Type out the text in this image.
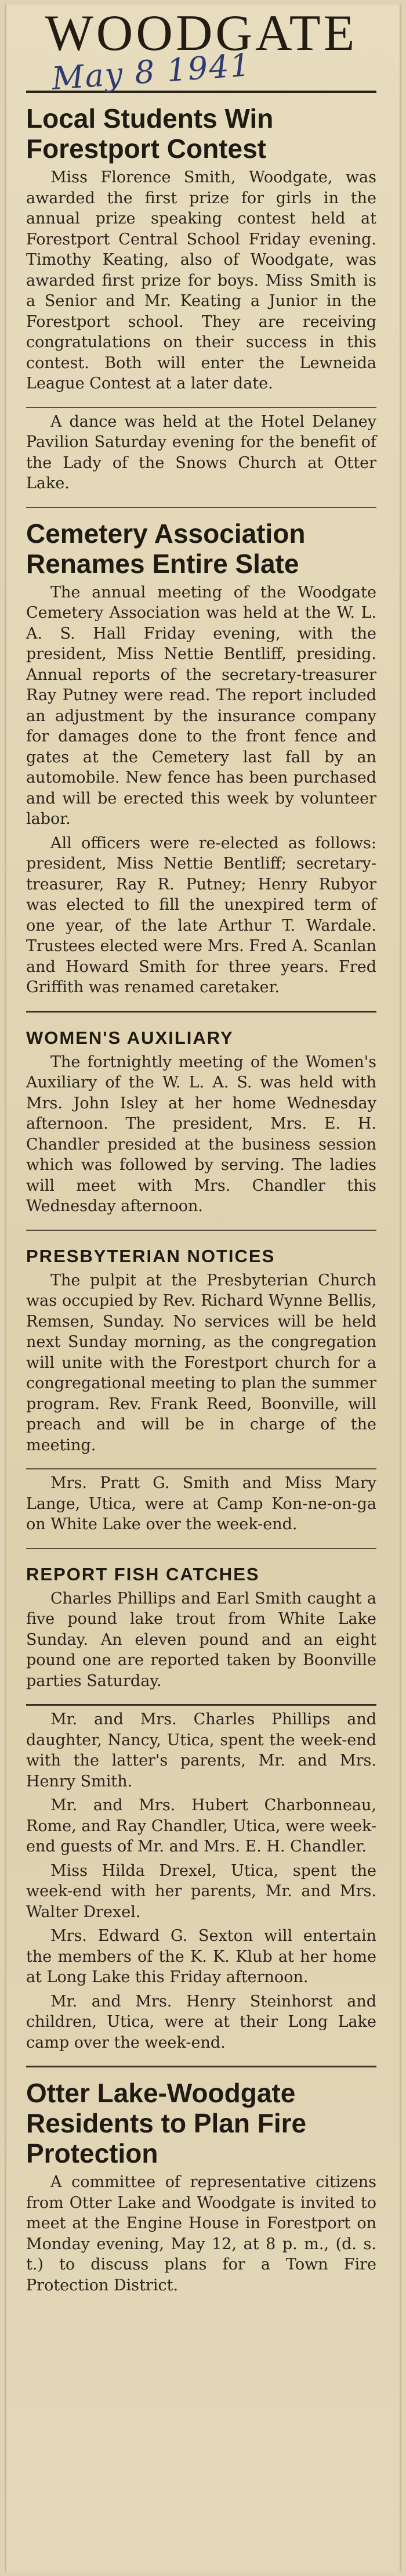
WOODGATE
May 8 1941
Local Students Win Forestport Contest

Miss Florence Smith, Woodgate, was awarded the first prize for girls in the annual prize speaking contest held at Forestport Central School Friday evening. Timothy Keating, also of Woodgate, was awarded first prize for boys. Miss Smith is a Senior and Mr. Keating a Junior in the Forestport school. They are receiving congratulations on their success in this contest. Both will enter the Lewneida League Contest at a later date.

A dance was held at the Hotel Delaney Pavilion Saturday evening for the benefit of the Lady of the Snows Church at Otter Lake.

Cemetery Association Renames Entire Slate

The annual meeting of the Woodgate Cemetery Association was held at the W. L. A. S. Hall Friday evening, with the president, Miss Nettie Bentliff, presiding. Annual reports of the secretary-treasurer Ray Putney were read. The report included an adjustment by the insurance company for damages done to the front fence and gates at the Cemetery last fall by an automobile. New fence has been purchased and will be erected this week by volunteer labor.

All officers were re-elected as follows: president, Miss Nettie Bentliff; secretary-treasurer, Ray R. Putney; Henry Rubyor was elected to fill the unexpired term of one year, of the late Arthur T. Wardale. Trustees elected were Mrs. Fred A. Scanlan and Howard Smith for three years. Fred Griffith was renamed caretaker.

WOMEN'S AUXILIARY

The fortnightly meeting of the Women's Auxiliary of the W. L. A. S. was held with Mrs. John Isley at her home Wednesday afternoon. The president, Mrs. E. H. Chandler presided at the business session which was followed by serving. The ladies will meet with Mrs. Chandler this Wednesday afternoon.

PRESBYTERIAN NOTICES

The pulpit at the Presbyterian Church was occupied by Rev. Richard Wynne Bellis, Remsen, Sunday. No services will be held next Sunday morning, as the congregation will unite with the Forestport church for a congregational meeting to plan the summer program. Rev. Frank Reed, Boonville, will preach and will be in charge of the meeting.

Mrs. Pratt G. Smith and Miss Mary Lange, Utica, were at Camp Kon-ne-on-ga on White Lake over the week-end.

REPORT FISH CATCHES

Charles Phillips and Earl Smith caught a five pound lake trout from White Lake Sunday. An eleven pound and an eight pound one are reported taken by Boonville parties Saturday.

Mr. and Mrs. Charles Phillips and daughter, Nancy, Utica, spent the week-end with the latter's parents, Mr. and Mrs. Henry Smith.

Mr. and Mrs. Hubert Charbonneau, Rome, and Ray Chandler, Utica, were week-end guests of Mr. and Mrs. E. H. Chandler.

Miss Hilda Drexel, Utica, spent the week-end with her parents, Mr. and Mrs. Walter Drexel.

Mrs. Edward G. Sexton will entertain the members of the K. K. Klub at her home at Long Lake this Friday afternoon.

Mr. and Mrs. Henry Steinhorst and children, Utica, were at their Long Lake camp over the week-end.

Otter Lake-Woodgate Residents to Plan Fire Protection

A committee of representative citizens from Otter Lake and Woodgate is invited to meet at the Engine House in Forestport on Monday evening, May 12, at 8 p. m., (d. s. t.) to discuss plans for a Town Fire Protection District.
